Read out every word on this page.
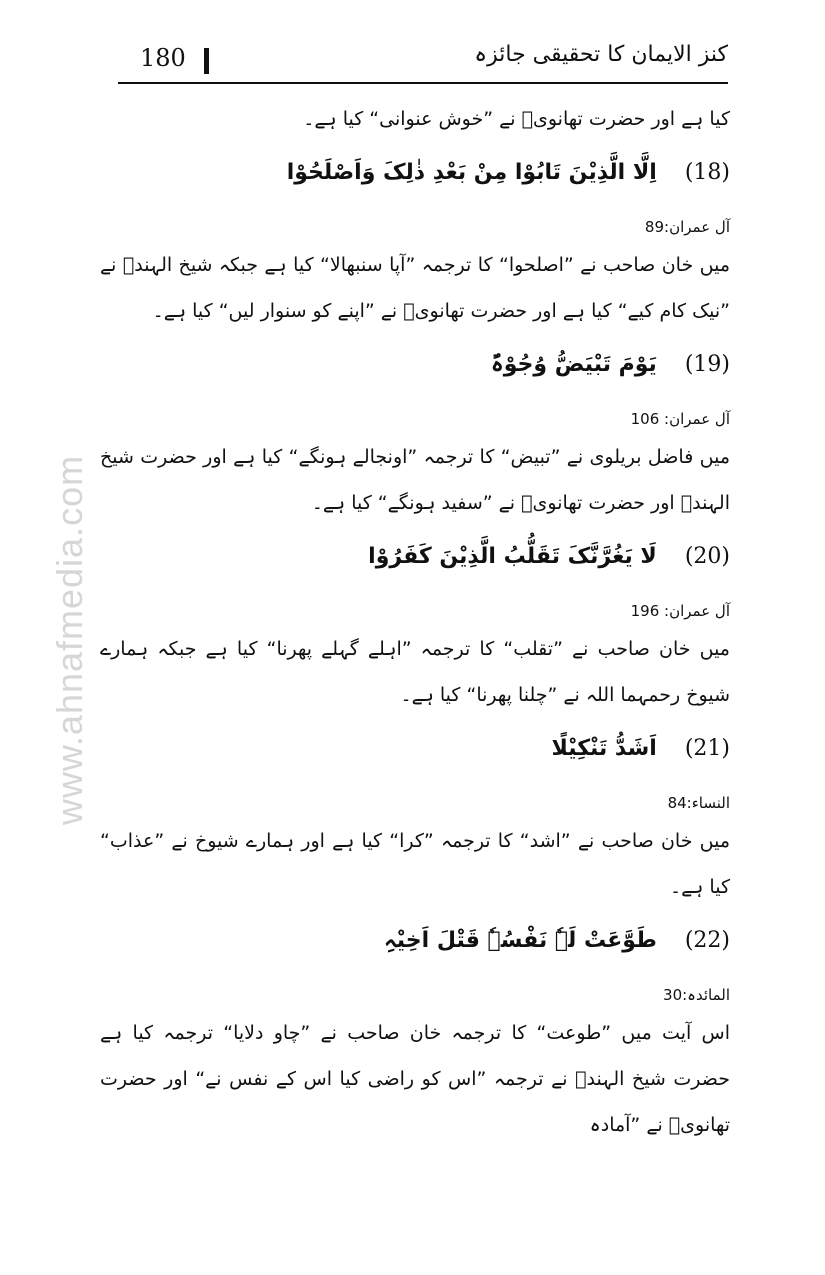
www.ahnafmedia.com
180	کنز الایمان کا تحقیقی جائزہ

کیا ہے اور حضرت تھانویؒ نے ”خوش عنوانی“ کیا ہے۔

(18)
اِلَّا الَّذِیْنَ تَابُوْا مِنْ بَعْدِ ذٰلِکَ وَاَصْلَحُوْا
آل عمران:89

میں خان صاحب نے ”اصلحوا“ کا ترجمہ ”آپا سنبھالا“ کیا ہے جبکہ شیخ الہندؒ نے ”نیک کام کیے“ کیا ہے اور حضرت تھانویؒ نے ”اپنے کو سنوار لیں“ کیا ہے۔

(19)
یَوْمَ تَبْیَضُّ وُجُوْہٌ
آل عمران: 106

میں فاضل بریلوی نے ”تبیض“ کا ترجمہ ”اونجالے ہونگے“ کیا ہے اور حضرت شیخ الہندؒ اور حضرت تھانویؒ نے ”سفید ہونگے“ کیا ہے۔

(20)
لَا یَغُرَّنَّکَ تَقَلُّبُ الَّذِیْنَ کَفَرُوْا
آل عمران: 196

میں خان صاحب نے ”تقلب“ کا ترجمہ ”اہلے گہلے پھرنا“ کیا ہے جبکہ ہمارے شیوخ رحمہما اللہ نے ”چلنا پھرنا“ کیا ہے۔

(21)
اَشَدُّ تَنْکِیْلًا
النساء:84

میں خان صاحب نے ”اشد“ کا ترجمہ ”کرا“ کیا ہے اور ہمارے شیوخ نے ”عذاب“ کیا ہے۔

(22)
طَوَّعَتْ لَہٗ نَفْسُہٗ قَتْلَ اَخِیْہِ
المائدہ:30

اس آیت میں ”طوعت“ کا ترجمہ خان صاحب نے ”چاو دلایا“ ترجمہ کیا ہے حضرت شیخ الہندؒ نے ترجمہ ”اس کو راضی کیا اس کے نفس نے“ اور حضرت تھانویؒ نے ”آمادہ
